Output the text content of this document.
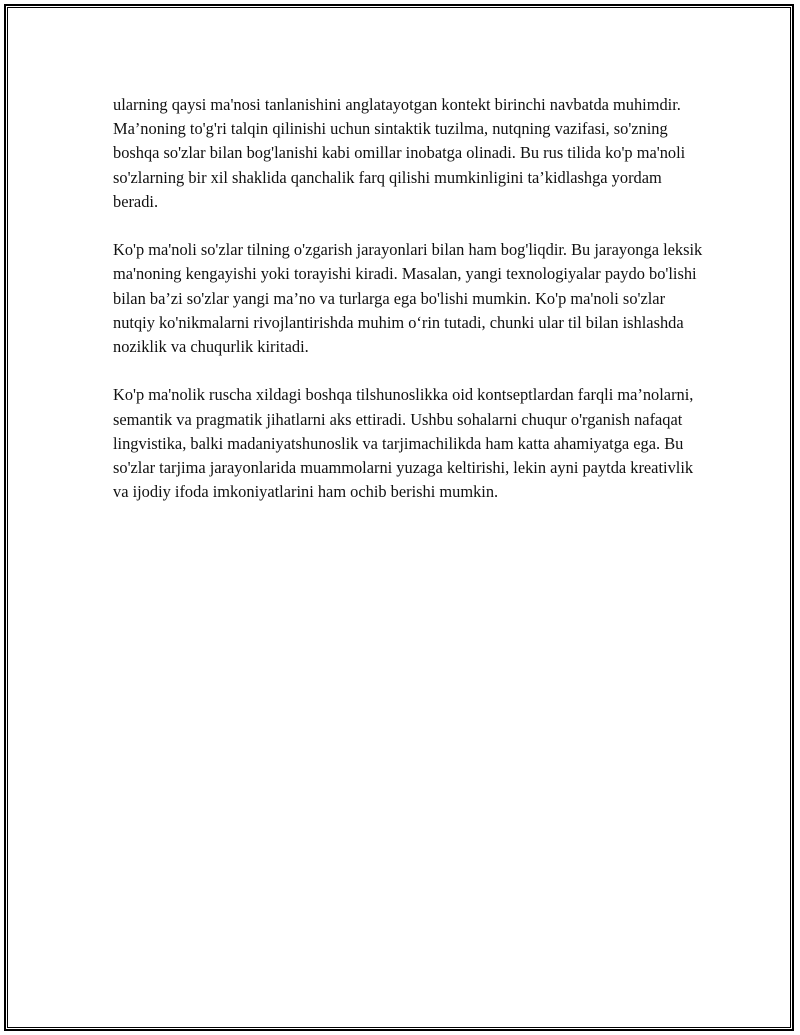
ularning qaysi ma'nosi tanlanishini anglatayotgan kontekt birinchi navbatda muhimdir. Ma’noning to'g'ri talqin qilinishi uchun sintaktik tuzilma, nutqning vazifasi, so'zning boshqa so'zlar bilan bog'lanishi kabi omillar inobatga olinadi. Bu rus tilida ko'p ma'noli so'zlarning bir xil shaklida qanchalik farq qilishi mumkinligini ta’kidlashga yordam beradi.

Ko'p ma'noli so'zlar tilning o'zgarish jarayonlari bilan ham bog'liqdir. Bu jarayonga leksik ma'noning kengayishi yoki torayishi kiradi. Masalan, yangi texnologiyalar paydo bo'lishi bilan ba’zi so'zlar yangi ma’no va turlarga ega bo'lishi mumkin. Ko'p ma'noli so'zlar nutqiy ko'nikmalarni rivojlantirishda muhim o‘rin tutadi, chunki ular til bilan ishlashda noziklik va chuqurlik kiritadi.

Ko'p ma'nolik ruscha xildagi boshqa tilshunoslikka oid kontseptlardan farqli ma’nolarni, semantik va pragmatik jihatlarni aks ettiradi. Ushbu sohalarni chuqur o'rganish nafaqat lingvistika, balki madaniyatshunoslik va tarjimachilikda ham katta ahamiyatga ega. Bu so'zlar tarjima jarayonlarida muammolarni yuzaga keltirishi, lekin ayni paytda kreativlik va ijodiy ifoda imkoniyatlarini ham ochib berishi mumkin.
